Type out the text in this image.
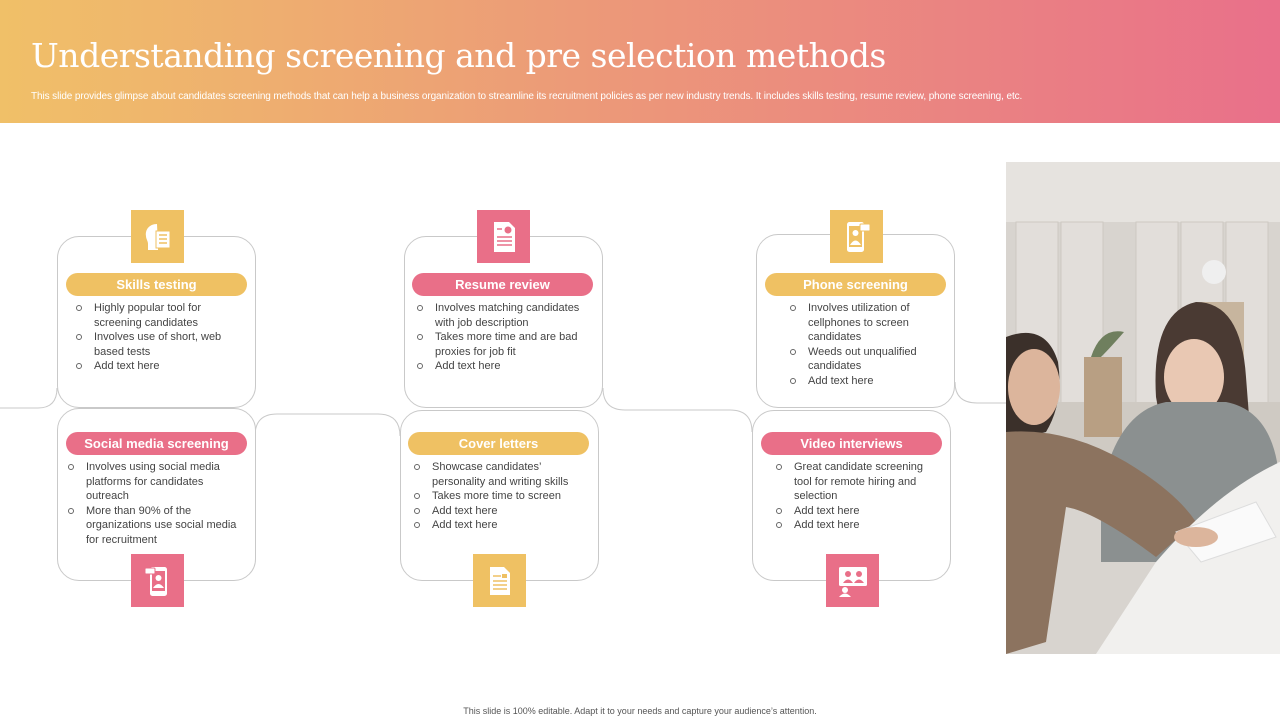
Understanding screening and pre selection methods

This slide provides glimpse about candidates screening methods that can help a business organization to streamline its recruitment policies as per new industry trends. It includes skills testing, resume review, phone screening, etc.

Skills testing
Highly popular tool for screening candidates
Involves use of short, web based tests
Add text here
Resume review
Involves matching candidates with job description
Takes more time and are bad proxies for job fit
Add text here
Phone screening
Involves utilization of cellphones to screen candidates
Weeds out unqualified candidates
Add text here
Social media screening
Involves using social media platforms for candidates outreach
More than 90% of the organizations use social media for recruitment
Cover letters
Showcase candidates’ personality and writing skills
Takes more time to screen
Add text here
Add text here
Video interviews
Great candidate screening tool for remote hiring and selection
Add text here
Add text here
This slide is 100% editable. Adapt it to your needs and capture your audience’s attention.
